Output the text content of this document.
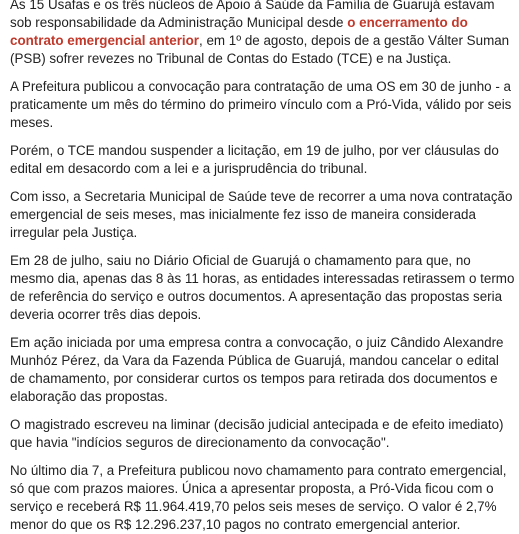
As 15 Usafas e os três núcleos de Apoio à Saúde da Família de Guarujá estavam sob responsabilidade da Administração Municipal desde o encerramento do contrato emergencial anterior, em 1º de agosto, depois de a gestão Válter Suman (PSB) sofrer revezes no Tribunal de Contas do Estado (TCE) e na Justiça.

A Prefeitura publicou a convocação para contratação de uma OS em 30 de junho - a praticamente um mês do término do primeiro vínculo com a Pró-Vida, válido por seis meses.

Porém, o TCE mandou suspender a licitação, em 19 de julho, por ver cláusulas do edital em desacordo com a lei e a jurisprudência do tribunal.

Com isso, a Secretaria Municipal de Saúde teve de recorrer a uma nova contratação emergencial de seis meses, mas inicialmente fez isso de maneira considerada irregular pela Justiça.

Em 28 de julho, saiu no Diário Oficial de Guarujá o chamamento para que, no mesmo dia, apenas das 8 às 11 horas, as entidades interessadas retirassem o termo de referência do serviço e outros documentos. A apresentação das propostas seria deveria ocorrer três dias depois.

Em ação iniciada por uma empresa contra a convocação, o juiz Cândido Alexandre Munhóz Pérez, da Vara da Fazenda Pública de Guarujá, mandou cancelar o edital de chamamento, por considerar curtos os tempos para retirada dos documentos e elaboração das propostas.

O magistrado escreveu na liminar (decisão judicial antecipada e de efeito imediato) que havia "indícios seguros de direcionamento da convocação".

No último dia 7, a Prefeitura publicou novo chamamento para contrato emergencial, só que com prazos maiores. Única a apresentar proposta, a Pró-Vida ficou com o serviço e receberá R$ 11.964.419,70 pelos seis meses de serviço. O valor é 2,7% menor do que os R$ 12.296.237,10 pagos no contrato emergencial anterior.
